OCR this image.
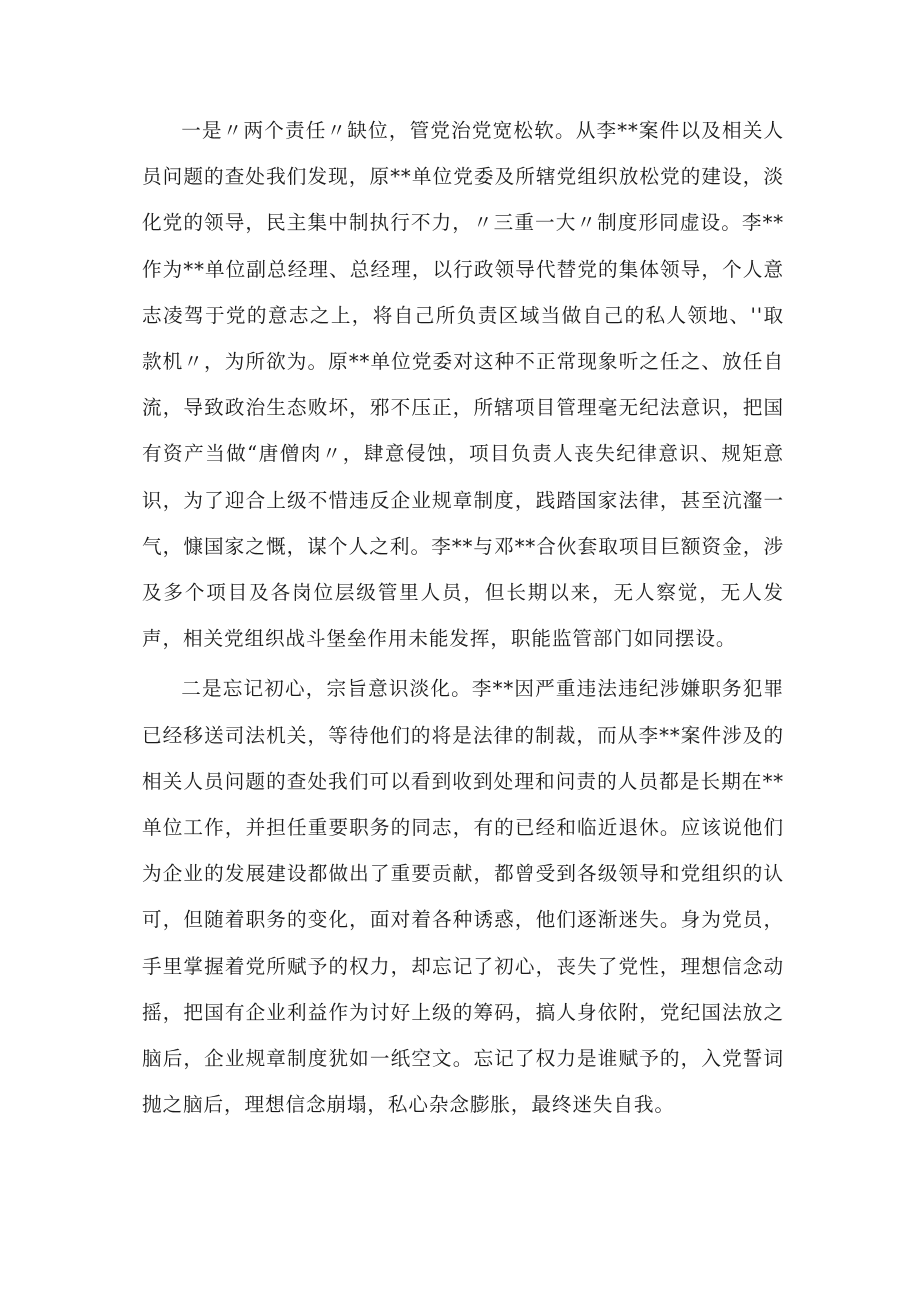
一是〃两个责任〃缺位，管党治党宽松软。从李**案件以及相关人员问题的查处我们发现，原**单位党委及所辖党组织放松党的建设，淡化党的领导，民主集中制执行不力，〃三重一大〃制度形同虚设。李**作为**单位副总经理、总经理，以行政领导代替党的集体领导，个人意志凌驾于党的意志之上，将自己所负责区域当做自己的私人领地、''取款机〃，为所欲为。原**单位党委对这种不正常现象听之任之、放任自流，导致政治生态败坏，邪不压正，所辖项目管理毫无纪法意识，把国有资产当做“唐僧肉〃，肆意侵蚀，项目负责人丧失纪律意识、规矩意识，为了迎合上级不惜违反企业规章制度，践踏国家法律，甚至沆瀣一气，慷国家之慨，谋个人之利。李**与邓**合伙套取项目巨额资金，涉及多个项目及各岗位层级管里人员，但长期以来，无人察觉，无人发声，相关党组织战斗堡垒作用未能发挥，职能监管部门如同摆设。

二是忘记初心，宗旨意识淡化。李**因严重违法违纪涉嫌职务犯罪已经移送司法机关，等待他们的将是法律的制裁，而从李**案件涉及的相关人员问题的查处我们可以看到收到处理和问责的人员都是长期在**单位工作，并担任重要职务的同志，有的已经和临近退休。应该说他们为企业的发展建设都做出了重要贡献，都曾受到各级领导和党组织的认可，但随着职务的变化，面对着各种诱惑，他们逐渐迷失。身为党员，手里掌握着党所赋予的权力，却忘记了初心，丧失了党性，理想信念动摇，把国有企业利益作为讨好上级的筹码，搞人身依附，党纪国法放之脑后，企业规章制度犹如一纸空文。忘记了权力是谁赋予的，入党誓词抛之脑后，理想信念崩塌，私心杂念膨胀，最终迷失自我。
